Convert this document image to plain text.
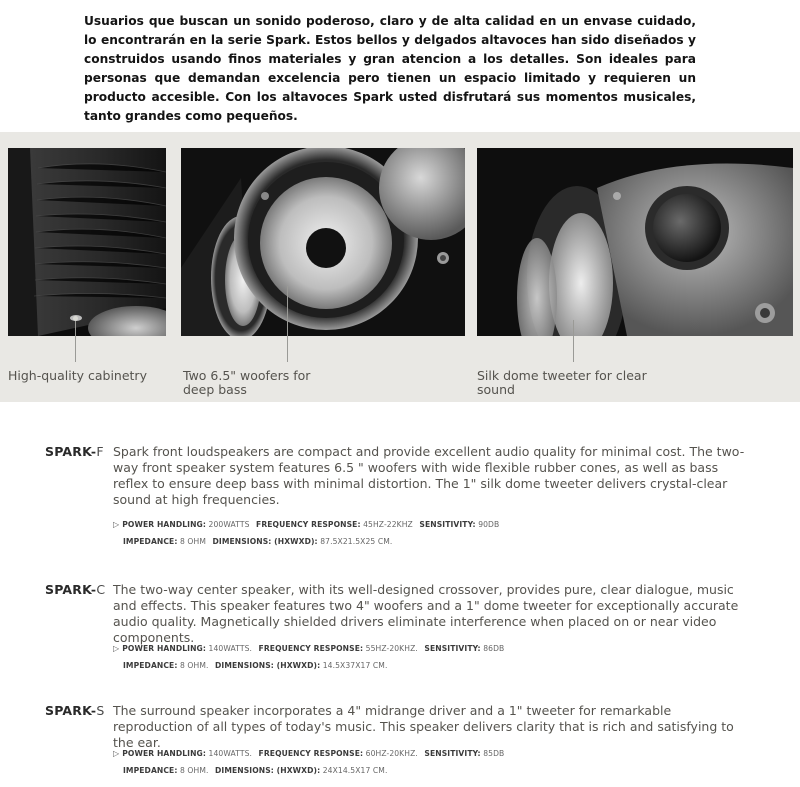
Usuarios que buscan un sonido poderoso, claro y de alta calidad en un envase cuidado, lo encontrarán en la serie Spark. Estos bellos y delgados altavoces han sido diseñados y construidos usando finos materiales y gran atencion a los detalles. Son ideales para personas que demandan excelencia pero tienen un espacio limitado y requieren un producto accesible. Con los altavoces Spark usted disfrutará sus momentos musicales, tanto grandes como pequeños.

High-quality cabinetry	Two 6.5" woofers for deep bass

Silk dome tweeter for clear sound

SPARK-F Spark front loudspeakers are compact and provide excellent audio quality for minimal cost. The two-way front speaker system features 6.5 " woofers with wide flexible rubber cones, as well as bass reflex to ensure deep bass with minimal distortion. The 1" silk dome tweeter delivers crystal-clear sound at high frequencies.

▷ POWER HANDLING: 200WATTS FREQUENCY RESPONSE: 45HZ-22KHZ SENSITIVITY: 90DB
IMPEDANCE: 8 OHM DIMENSIONS: (HXWXD): 87.5X21.5X25 CM.
SPARK-C The two-way center speaker, with its well-designed crossover, provides pure, clear dialogue, music and effects. This speaker features two 4" woofers and a 1" dome tweeter for exceptionally accurate audio quality. Magnetically shielded drivers eliminate interference when placed on or near video components.

▷ POWER HANDLING: 140WATTS. FREQUENCY RESPONSE: 55HZ-20KHZ. SENSITIVITY: 86DB
IMPEDANCE: 8 OHM. DIMENSIONS: (HXWXD): 14.5X37X17 CM.
SPARK-S The surround speaker incorporates a 4" midrange driver and a 1" tweeter for remarkable reproduction of all types of today's music. This speaker delivers clarity that is rich and satisfying to the ear.

▷ POWER HANDLING: 140WATTS. FREQUENCY RESPONSE: 60HZ-20KHZ. SENSITIVITY: 85DB
IMPEDANCE: 8 OHM. DIMENSIONS: (HXWXD): 24X14.5X17 CM.
